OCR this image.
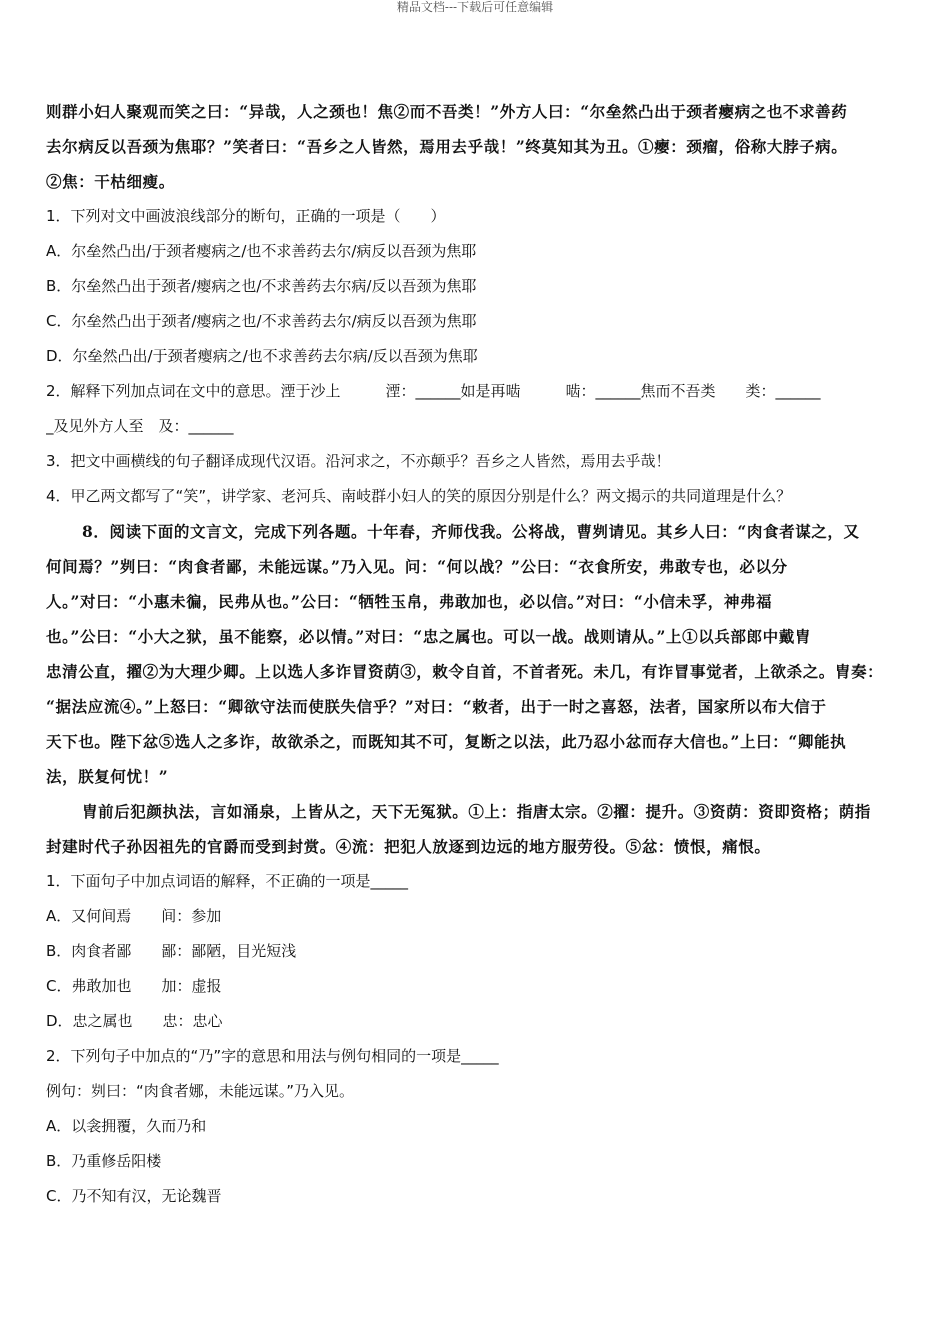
精品文档---下载后可任意编辑
则群小妇人聚观而笑之曰：“异哉，人之颈也！焦②而不吾类！”外方人曰：“尔垒然凸出于颈者瘿病之也不求善药
去尔病反以吾颈为焦耶？”笑者曰：“吾乡之人皆然，焉用去乎哉！”终莫知其为丑。①瘿：颈瘤，俗称大脖子病。
②焦：干枯细瘦。
1．下列对文中画波浪线部分的断句，正确的一项是（　　）
A．尔垒然凸出/于颈者瘿病之/也不求善药去尔/病反以吾颈为焦耶
B．尔垒然凸出于颈者/瘿病之也/不求善药去尔病/反以吾颈为焦耶
C．尔垒然凸出于颈者/瘿病之也/不求善药去尔/病反以吾颈为焦耶
D．尔垒然凸出/于颈者瘿病之/也不求善药去尔病/反以吾颈为焦耶
2．解释下列加点词在文中的意思。湮于沙上　　　湮：______如是再啮　　　啮：______焦而不吾类　　类：______
_及见外方人至　及：______
3．把文中画横线的句子翻译成现代汉语。沿河求之，不亦颠乎？吾乡之人皆然，焉用去乎哉！
4．甲乙两文都写了“笑”，讲学家、老河兵、南岐群小妇人的笑的原因分别是什么？两文揭示的共同道理是什么？
8．阅读下面的文言文，完成下列各题。十年春，齐师伐我。公将战，曹刿请见。其乡人曰：“肉食者谋之，又
何间焉？”刿曰：“肉食者鄙，未能远谋。”乃入见。问：“何以战？”公曰：“衣食所安，弗敢专也，必以分
人。”对曰：“小惠未徧，民弗从也。”公曰：“牺牲玉帛，弗敢加也，必以信。”对曰：“小信未孚，神弗福
也。”公曰：“小大之狱，虽不能察，必以情。”对曰：“忠之属也。可以一战。战则请从。”上①以兵部郎中戴胄
忠清公直，擢②为大理少卿。上以选人多诈冒资荫③，敕令自首，不首者死。未几，有诈冒事觉者，上欲杀之。胄奏：
“据法应流④。”上怒曰：“卿欲守法而使朕失信乎？”对曰：“敕者，出于一时之喜怒，法者，国家所以布大信于
天下也。陛下忿⑤选人之多诈，故欲杀之，而既知其不可，复断之以法，此乃忍小忿而存大信也。”上曰：“卿能执
法，朕复何忧！”
胄前后犯颜执法，言如涌泉，上皆从之，天下无冤狱。①上：指唐太宗。②擢：提升。③资荫：资即资格；荫指
封建时代子孙因祖先的官爵而受到封赏。④流：把犯人放逐到边远的地方服劳役。⑤忿：愤恨，痛恨。
1．下面句子中加点词语的解释，不正确的一项是_____
A．又何间焉　　间：参加
B．肉食者鄙　　鄙：鄙陋，目光短浅
C．弗敢加也　　加：虚报
D．忠之属也　　忠：忠心
2．下列句子中加点的“乃”字的意思和用法与例句相同的一项是_____
例句：刿曰：“肉食者娜，未能远谋。”乃入见。
A．以衾拥覆，久而乃和
B．乃重修岳阳楼
C．乃不知有汉，无论魏晋
